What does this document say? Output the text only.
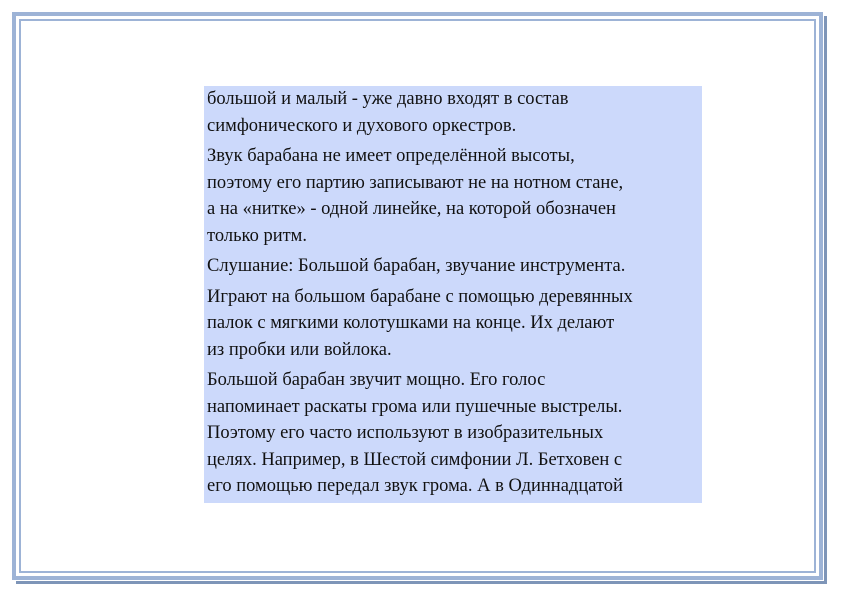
большой и малый - уже давно входят в состав
симфонического и духового оркестров.

Звук барабана не имеет определённой высоты,
поэтому его партию записывают не на нотном стане,
а на «нитке» - одной линейке, на которой обозначен
только ритм.

Слушание: Большой барабан, звучание инструмента.

Играют на большом барабане с помощью деревянных
палок с мягкими колотушками на конце. Их делают
из пробки или войлока.

Большой барабан звучит мощно. Его голос
напоминает раскаты грома или пушечные выстрелы.
Поэтому его часто используют в изобразительных
целях. Например, в Шестой симфонии Л. Бетховен с
его помощью передал звук грома. А в Одиннадцатой
